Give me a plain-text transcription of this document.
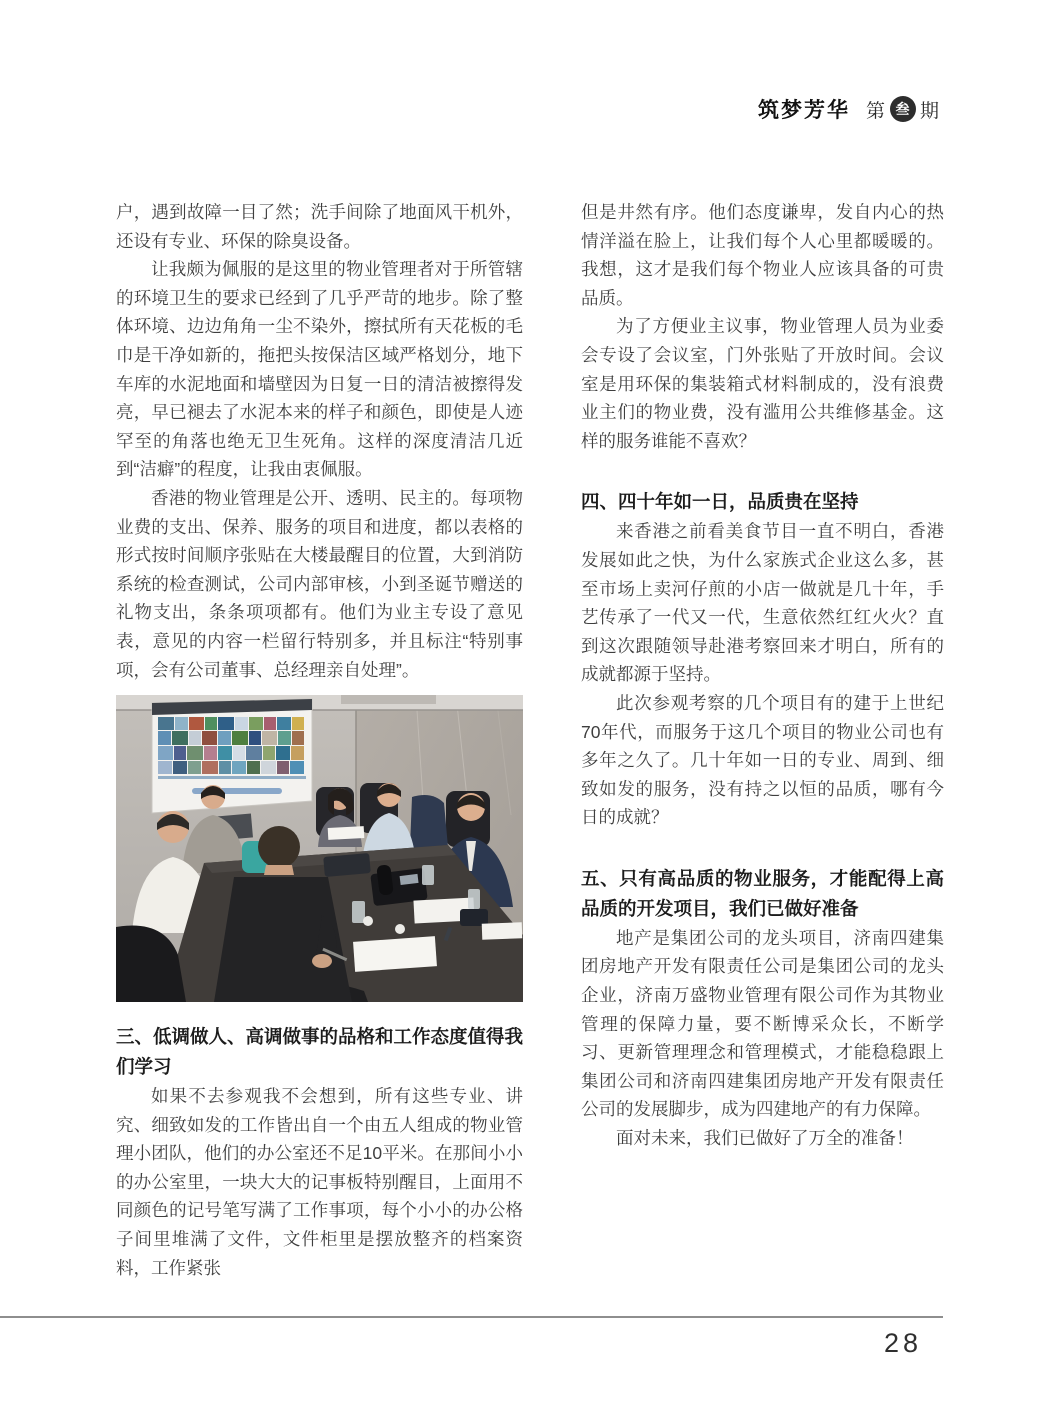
筑梦芳华 第 叁 期

户，遇到故障一目了然；洗手间除了地面风干机外，还设有专业、环保的除臭设备。

让我颇为佩服的是这里的物业管理者对于所管辖的环境卫生的要求已经到了几乎严苛的地步。除了整体环境、边边角角一尘不染外，擦拭所有天花板的毛巾是干净如新的，拖把头按保洁区域严格划分，地下车库的水泥地面和墙壁因为日复一日的清洁被擦得发亮，早已褪去了水泥本来的样子和颜色，即使是人迹罕至的角落也绝无卫生死角。这样的深度清洁几近到“洁癖”的程度，让我由衷佩服。

香港的物业管理是公开、透明、民主的。每项物业费的支出、保养、服务的项目和进度，都以表格的形式按时间顺序张贴在大楼最醒目的位置，大到消防系统的检查测试，公司内部审核，小到圣诞节赠送的礼物支出，条条项项都有。他们为业主专设了意见表，意见的内容一栏留行特别多，并且标注“特别事项，会有公司董事、总经理亲自处理”。

三、低调做人、高调做事的品格和工作态度值得我们学习

如果不去参观我不会想到，所有这些专业、讲究、细致如发的工作皆出自一个由五人组成的物业管理小团队，他们的办公室还不足10平米。在那间小小的办公室里，一块大大的记事板特别醒目，上面用不同颜色的记号笔写满了工作事项，每个小小的办公格子间里堆满了文件，文件柜里是摆放整齐的档案资料，工作紧张

但是井然有序。他们态度谦卑，发自内心的热情洋溢在脸上，让我们每个人心里都暖暖的。我想，这才是我们每个物业人应该具备的可贵品质。

为了方便业主议事，物业管理人员为业委会专设了会议室，门外张贴了开放时间。会议室是用环保的集装箱式材料制成的，没有浪费业主们的物业费，没有滥用公共维修基金。这样的服务谁能不喜欢？

四、四十年如一日，品质贵在坚持

来香港之前看美食节目一直不明白，香港发展如此之快，为什么家族式企业这么多，甚至市场上卖河仔煎的小店一做就是几十年，手艺传承了一代又一代，生意依然红红火火？直到这次跟随领导赴港考察回来才明白，所有的成就都源于坚持。

此次参观考察的几个项目有的建于上世纪70年代，而服务于这几个项目的物业公司也有多年之久了。几十年如一日的专业、周到、细致如发的服务，没有持之以恒的品质，哪有今日的成就？

五、只有高品质的物业服务，才能配得上高品质的开发项目，我们已做好准备

地产是集团公司的龙头项目，济南四建集团房地产开发有限责任公司是集团公司的龙头企业，济南万盛物业管理有限公司作为其物业管理的保障力量，要不断博采众长，不断学习、更新管理理念和管理模式，才能稳稳跟上集团公司和济南四建集团房地产开发有限责任公司的发展脚步，成为四建地产的有力保障。

面对未来，我们已做好了万全的准备！

28
